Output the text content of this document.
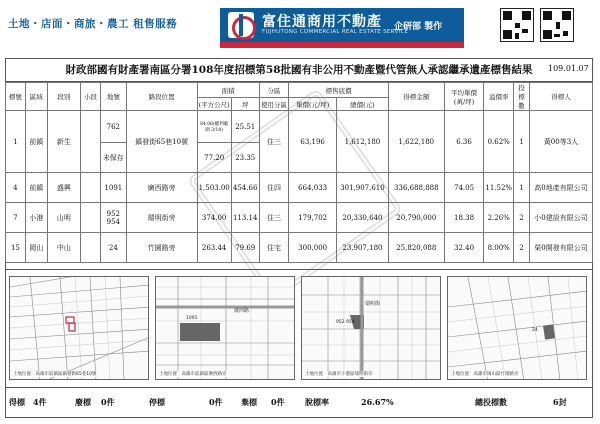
土地・店面・商旅・農工 租售服務	富住通商用不動產
FUJHUTONG COMMERCIAL REAL ESTATE SERVICE
企研部 製作
財政部國有財產署南區分署108年度招標第58批國有非公用不動產暨代管無人承認繼承遺產標售結果	109.01.07
標號	區域	段別	小段	地號	路段位置	面積		分區	標售底價		得標金額	平均單價(萬/坪)	溢價率	投標數	得標人
						(平方公尺)	坪	使用分區	單價(元/坪)	總價(元)					
1	前鎮	新生		762	鎮發街65巷10號	84.06(權利範圍 3/18)	25.51	住三	63,196	1,612,180	1,622,180	6.36	0.62%	1	黃00等3人
				未保存		77.20	23.35								
4	前鎮	盛興		1091	廣西路旁	1,503.00	454.66	住四	664,033	301,907,610	336,688,888	74.05	11.52%	1	高0地產有限公司
7	小港	山明		952 954	瑞明街旁	374.00	113.14	住三	179,702	20,330,640	20,790,000	18.38	2.26%	2	小0建設有限公司
15	岡山	中山		24	竹園路旁	263.44	79.69	住宅	300,000	23,907,180	25,820,088	32.40	8.00%	2	榮0開發有限公司
土地位置：高雄市前鎮區鎮發街65巷10號
廣西路
1091
土地位置：高雄市前鎮區廣西路旁
瑞明街
952 954
土地位置：高雄市小港區瑞明街旁
24
土地位置：高雄市岡山區竹園路旁
得標 4件	廢標 0件	停標	0件 棄標 0件	脫標率	26.67%	總投標數	6封
